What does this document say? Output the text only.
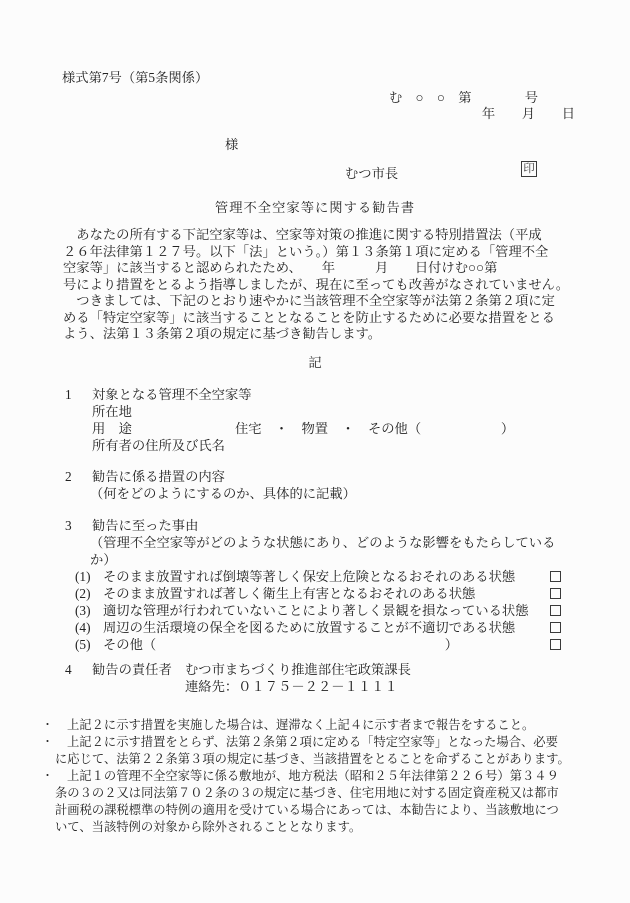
様式第7号（第5条関係）
む　○　○　第　　　　号
年　　月　　日
様
むつ市長	印
管理不全空家等に関する勧告書
　あなたの所有する下記空家等は、空家等対策の推進に関する特別措置法（平成
２６年法律第１２７号。以下「法」という。）第１３条第１項に定める「管理不全
空家等」に該当すると認められたため、　　年　　　月　　日付けむ○○第
号により措置をとるよう指導しましたが、現在に至っても改善がなされていません。
　つきましては、下記のとおり速やかに当該管理不全空家等が法第２条第２項に定
める「特定空家等」に該当することとなることを防止するために必要な措置をとる
よう、法第１３条第２項の規定に基づき勧告します。
記
1 対象となる管理不全空家等
所在地
用　途	住宅　・　物置　・　その他（　　　　　　）
所有者の住所及び氏名
2 勧告に係る措置の内容
（何をどのようにするのか、具体的に記載）
3 勧告に至った事由
（管理不全空家等がどのような状態にあり、どのような影響をもたらしている
か）
(1) そのまま放置すれば倒壊等著しく保安上危険となるおそれのある状態
(2) そのまま放置すれば著しく衛生上有害となるおそれのある状態
(3) 適切な管理が行われていないことにより著しく景観を損なっている状態
(4) 周辺の生活環境の保全を図るために放置することが不適切である状態
(5) その他（	）
4 勧告の責任者 むつ市まちづくり推進部住宅政策課長
連絡先：０１７５－２２－１１１１
・	上記２に示す措置を実施した場合は、遅滞なく上記４に示す者まで報告をすること。
・	上記２に示す措置をとらず、法第２条第２項に定める「特定空家等」となった場合、必要
に応じて、法第２２条第３項の規定に基づき、当該措置をとることを命ずることがあります。
・	上記１の管理不全空家等に係る敷地が、地方税法（昭和２５年法律第２２６号）第３４９
条の３の２又は同法第７０２条の３の規定に基づき、住宅用地に対する固定資産税又は都市
計画税の課税標準の特例の適用を受けている場合にあっては、本勧告により、当該敷地につ
いて、当該特例の対象から除外されることとなります。
